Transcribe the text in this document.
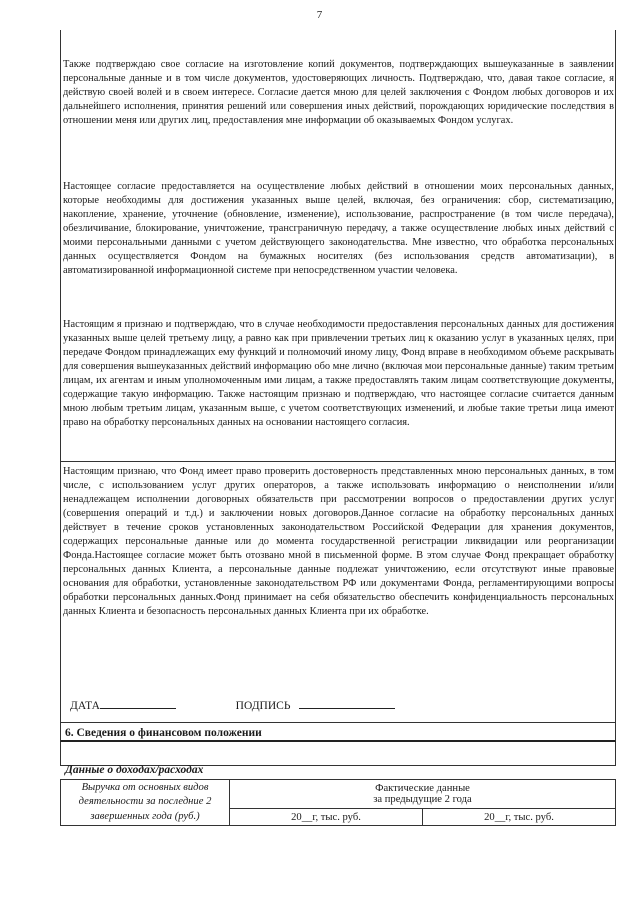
7

Также подтверждаю свое согласие на изготовление копий документов, подтверждающих вышеуказанные в заявлении персональные данные и в том числе документов, удостоверяющих личность. Подтверждаю, что, давая такое согласие, я действую своей волей и в своем интересе. Согласие дается мною для целей заключения с Фондом любых договоров и их дальнейшего исполнения, принятия решений или совершения иных действий, порождающих юридические последствия в отношении меня или других лиц, предоставления мне информации об оказываемых Фондом услугах.

Настоящее согласие предоставляется на осуществление любых действий в отношении моих персональных данных, которые необходимы для достижения указанных выше целей, включая, без ограничения: сбор, систематизацию, накопление, хранение, уточнение (обновление, изменение), использование, распространение (в том числе передача), обезличивание, блокирование, уничтожение, трансграничную передачу, а также осуществление любых иных действий с моими персональными данными с учетом действующего законодательства. Мне известно, что обработка персональных данных осуществляется Фондом на бумажных носителях (без использования средств автоматизации), в автоматизированной информационной системе при непосредственном участии человека.

Настоящим я признаю и подтверждаю, что в случае необходимости предоставления персональных данных для достижения указанных выше целей третьему лицу, а равно как при привлечении третьих лиц к оказанию услуг в указанных целях, при передаче Фондом принадлежащих ему функций и полномочий иному лицу, Фонд вправе в необходимом объеме раскрывать для совершения вышеуказанных действий информацию обо мне лично (включая мои персональные данные) таким третьим лицам, их агентам и иным уполномоченным ими лицам, а также предоставлять таким лицам соответствующие документы, содержащие такую информацию. Также настоящим признаю и подтверждаю, что настоящее согласие считается данным мною любым третьим лицам, указанным выше, с учетом соответствующих изменений, и любые такие третьи лица имеют право на обработку персональных данных на основании настоящего согласия.

Настоящим признаю, что Фонд имеет право проверить достоверность представленных мною персональных данных, в том числе, с использованием услуг других операторов, а также использовать информацию о неисполнении и/или ненадлежащем исполнении договорных обязательств при рассмотрении вопросов о предоставлении других услуг (совершения операций и т.д.) и заключении новых договоров.Данное согласие на обработку персональных данных действует в течение сроков установленных законодательством Российской Федерации для хранения документов, содержащих персональные данные или до момента государственной регистрации ликвидации или реорганизации Фонда.Настоящее согласие может быть отозвано мной в письменной форме. В этом случае Фонд прекращает обработку персональных данных Клиента, а персональные данные подлежат уничтожению, если отсутствуют иные правовые основания для обработки, установленные законодательством РФ или документами Фонда, регламентирующими вопросы обработки персональных данных.Фонд принимает на себя обязательство обеспечить конфиденциальность персональных данных Клиента и безопасность персональных данных Клиента при их обработке.

ДАТА	ПОДПИСЬ
6. Сведения о финансовом положении
Данные о доходах/расходах
Выручка от основных видов деятельности за последние 2 завершенных года (руб.)	Фактические данные
за предыдущие 2 года	

	20__г, тыс. руб.	20__г, тыс. руб.
